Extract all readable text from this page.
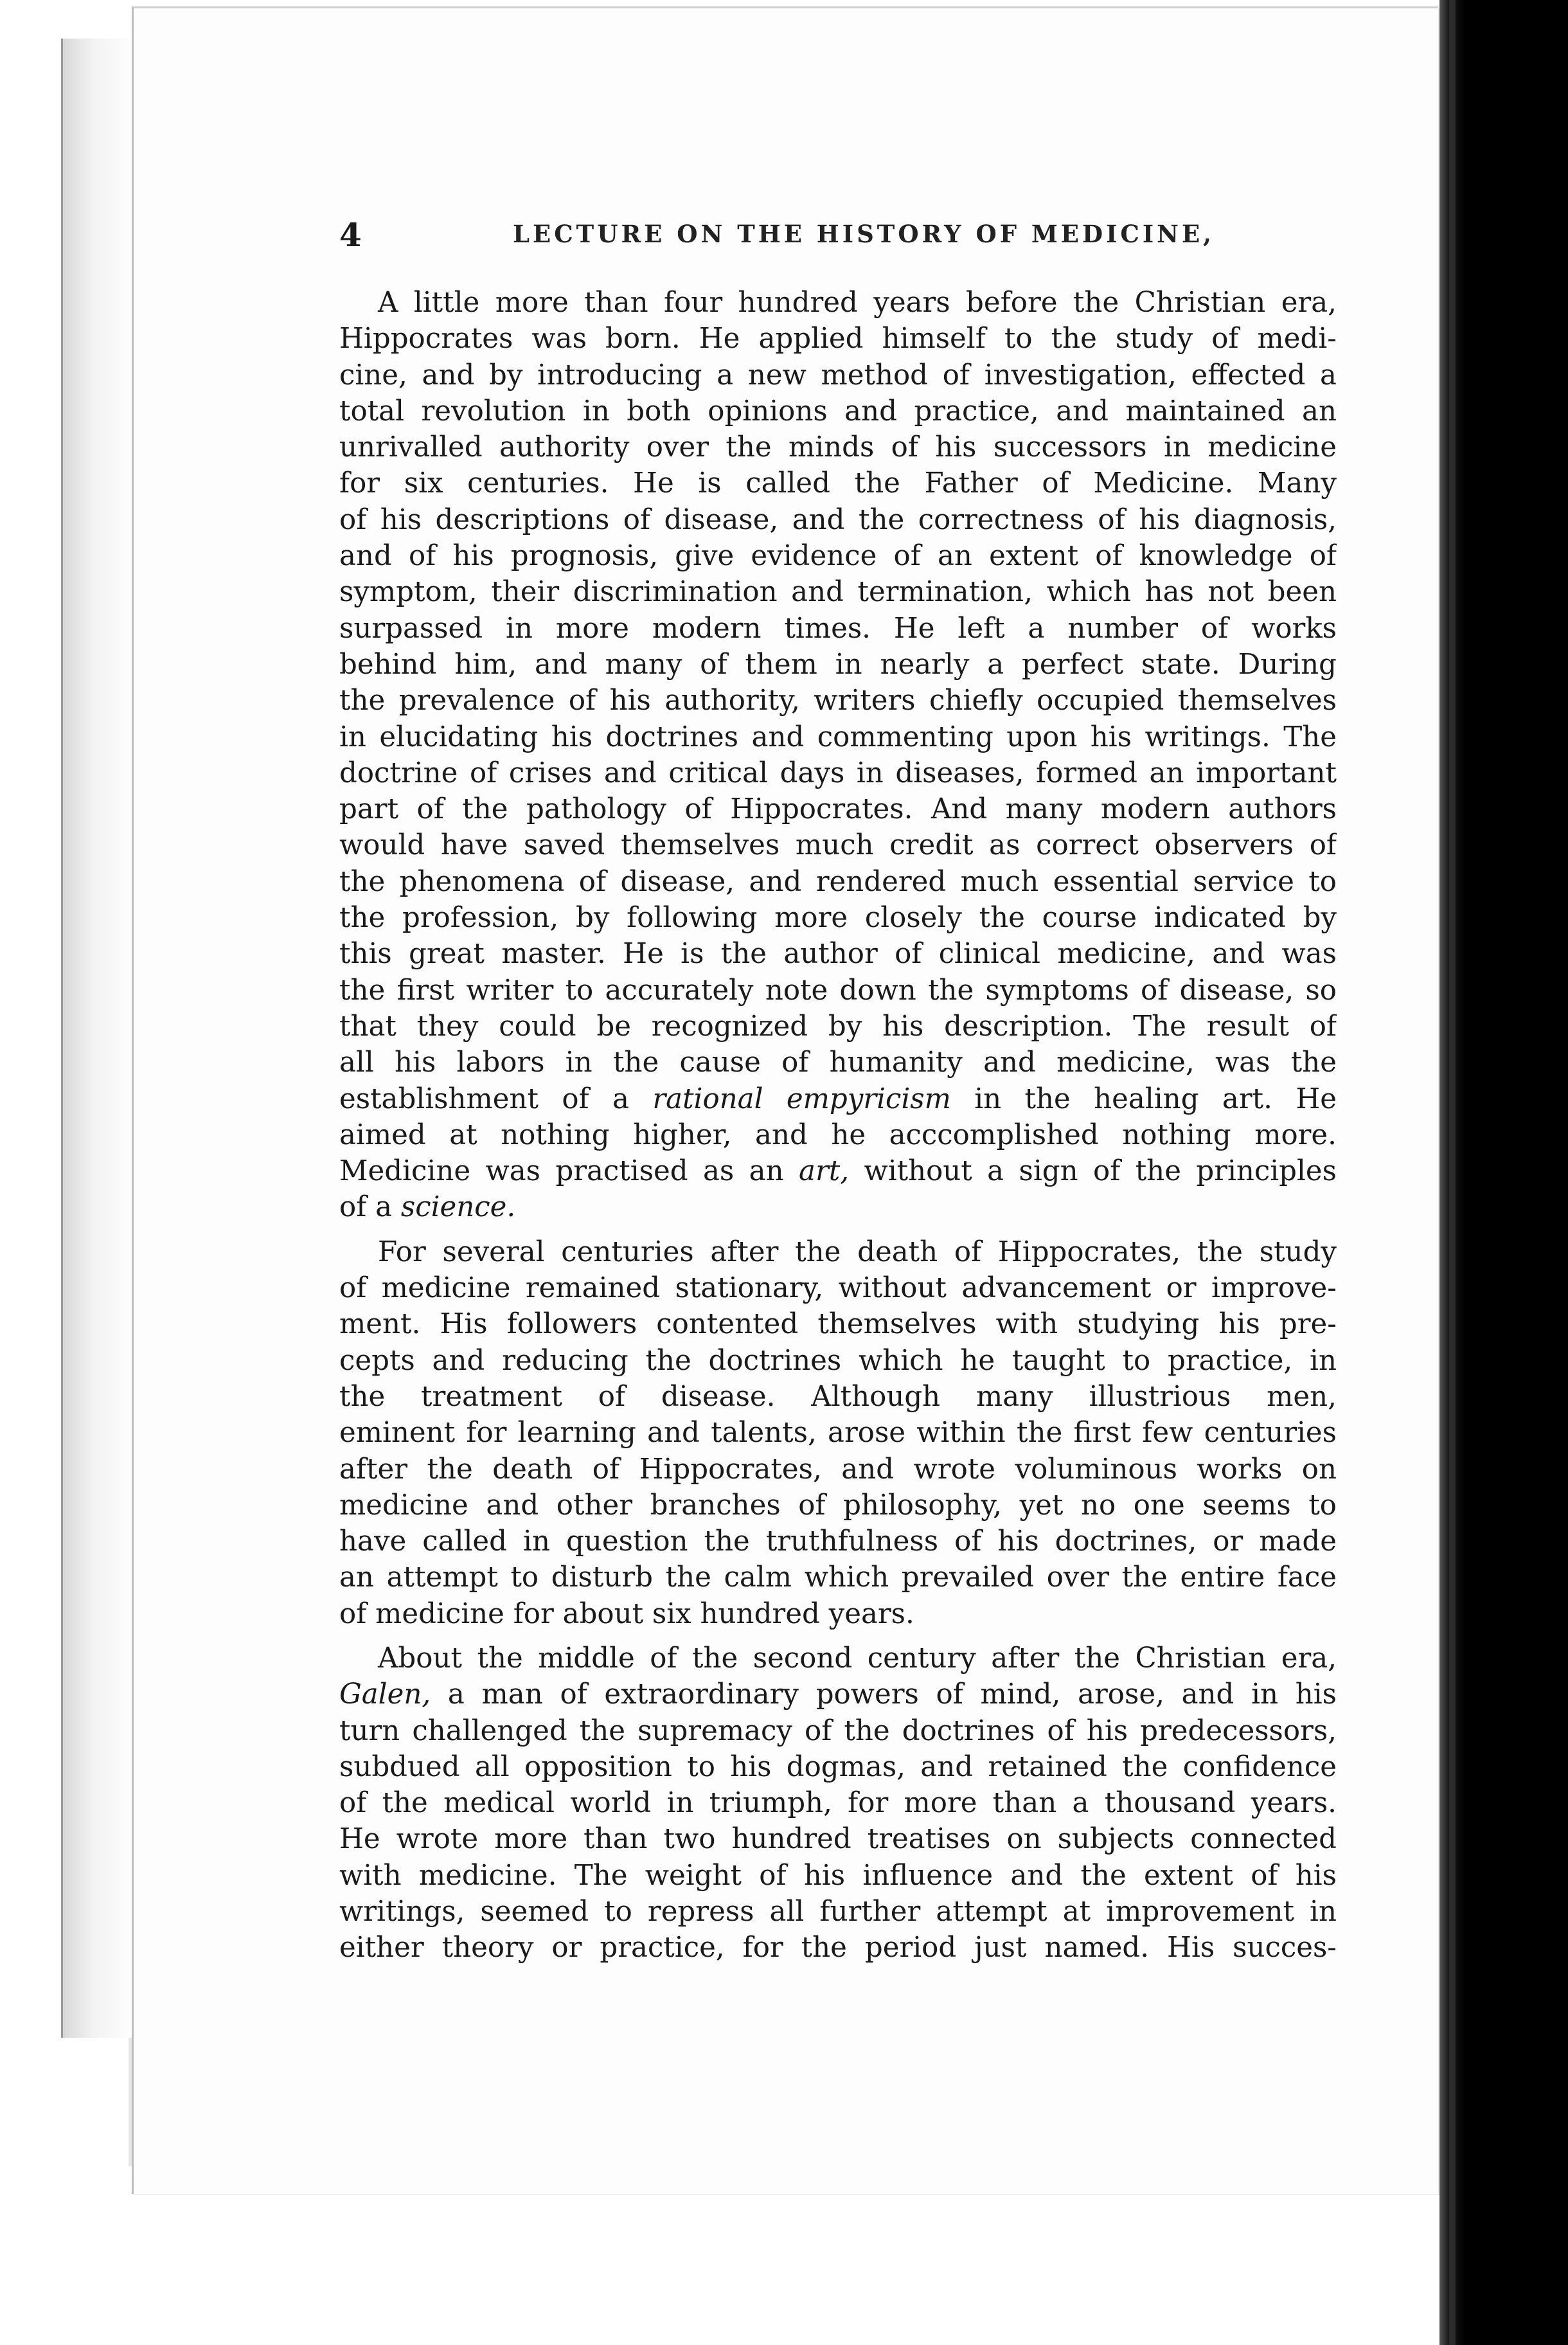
4	LECTURE ON THE HISTORY OF MEDICINE,
A little more than four hundred years before the Christian era,
Hippocrates was born. He applied himself to the study of medi-
cine, and by introducing a new method of investigation, effected a
total revolution in both opinions and practice, and maintained an
unrivalled authority over the minds of his successors in medicine
for six centuries. He is called the Father of Medicine. Many
of his descriptions of disease, and the correctness of his diagnosis,
and of his prognosis, give evidence of an extent of knowledge of
symptom, their discrimination and termination, which has not been
surpassed in more modern times. He left a number of works
behind him, and many of them in nearly a perfect state. During
the prevalence of his authority, writers chiefly occupied themselves
in elucidating his doctrines and commenting upon his writings. The
doctrine of crises and critical days in diseases, formed an important
part of the pathology of Hippocrates. And many modern authors
would have saved themselves much credit as correct observers of
the phenomena of disease, and rendered much essential service to
the profession, by following more closely the course indicated by
this great master. He is the author of clinical medicine, and was
the first writer to accurately note down the symptoms of disease, so
that they could be recognized by his description. The result of
all his labors in the cause of humanity and medicine, was the
establishment of a rational empyricism in the healing art. He
aimed at nothing higher, and he acccomplished nothing more.
Medicine was practised as an art, without a sign of the principles
of a science.
For several centuries after the death of Hippocrates, the study
of medicine remained stationary, without advancement or improve-
ment. His followers contented themselves with studying his pre-
cepts and reducing the doctrines which he taught to practice, in
the treatment of disease. Although many illustrious men,
eminent for learning and talents, arose within the first few centuries
after the death of Hippocrates, and wrote voluminous works on
medicine and other branches of philosophy, yet no one seems to
have called in question the truthfulness of his doctrines, or made
an attempt to disturb the calm which prevailed over the entire face
of medicine for about six hundred years.
About the middle of the second century after the Christian era,
Galen, a man of extraordinary powers of mind, arose, and in his
turn challenged the supremacy of the doctrines of his predecessors,
subdued all opposition to his dogmas, and retained the confidence
of the medical world in triumph, for more than a thousand years.
He wrote more than two hundred treatises on subjects connected
with medicine. The weight of his influence and the extent of his
writings, seemed to repress all further attempt at improvement in
either theory or practice, for the period just named. His succes-
